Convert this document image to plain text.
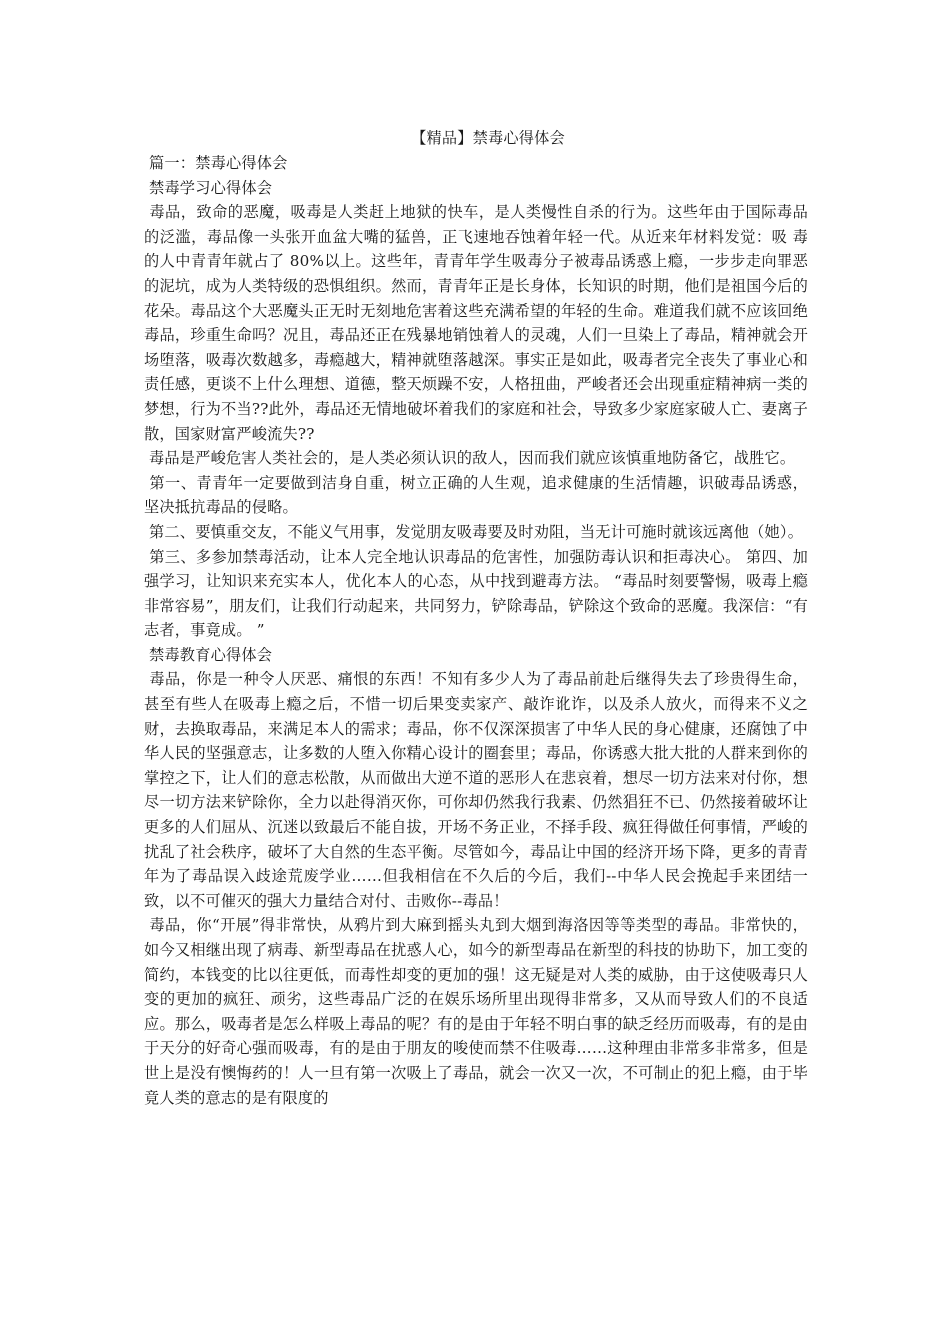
【精品】禁毒心得体会

篇一：禁毒心得体会

禁毒学习心得体会

毒品，致命的恶魔，吸毒是人类赶上地狱的快车，是人类慢性自杀的行为。这些年由于国际毒品的泛滥，毒品像一头张开血盆大嘴的猛兽，正飞速地吞蚀着年轻一代。从近来年材料发觉：吸 毒的人中青青年就占了 80%以上。这些年，青青年学生吸毒分子被毒品诱惑上瘾，一步步走向罪恶的泥坑，成为人类特级的恐惧组织。然而，青青年正是长身体，长知识的时期，他们是祖国今后的花朵。毒品这个大恶魔头正无时无刻地危害着这些充满希望的年轻的生命。难道我们就不应该回绝毒品，珍重生命吗？况且，毒品还正在残暴地销蚀着人的灵魂，人们一旦染上了毒品，精神就会开场堕落，吸毒次数越多，毒瘾越大，精神就堕落越深。事实正是如此，吸毒者完全丧失了事业心和责任感，更谈不上什么理想、道德，整天烦躁不安，人格扭曲，严峻者还会出现重症精神病一类的梦想，行为不当??此外，毒品还无情地破坏着我们的家庭和社会，导致多少家庭家破人亡、妻离子散，国家财富严峻流失??

毒品是严峻危害人类社会的，是人类必须认识的敌人，因而我们就应该慎重地防备它，战胜它。

第一、青青年一定要做到洁身自重，树立正确的人生观，追求健康的生活情趣，识破毒品诱惑，坚决抵抗毒品的侵略。

第二、要慎重交友，不能义气用事，发觉朋友吸毒要及时劝阻，当无计可施时就该远离他（她）。

第三、多参加禁毒活动，让本人完全地认识毒品的危害性，加强防毒认识和拒毒决心。 第四、加强学习，让知识来充实本人，优化本人的心态，从中找到避毒方法。 “毒品时刻要警惕，吸毒上瘾非常容易”，朋友们，让我们行动起来，共同努力，铲除毒品，铲除这个致命的恶魔。我深信：“有志者，事竟成。 ”

禁毒教育心得体会

毒品，你是一种令人厌恶、痛恨的东西！不知有多少人为了毒品前赴后继得失去了珍贵得生命，甚至有些人在吸毒上瘾之后，不惜一切后果变卖家产、敲诈讹诈，以及杀人放火，而得来不义之财，去换取毒品，来满足本人的需求；毒品，你不仅深深损害了中华人民的身心健康，还腐蚀了中华人民的坚强意志，让多数的人堕入你精心设计的圈套里；毒品，你诱惑大批大批的人群来到你的掌控之下，让人们的意志松散，从而做出大逆不道的恶形人在悲哀着，想尽一切方法来对付你，想尽一切方法来铲除你，全力以赴得消灭你，可你却仍然我行我素、仍然猖狂不已、仍然接着破坏让更多的人们屈从、沉迷以致最后不能自拔，开场不务正业，不择手段、疯狂得做任何事情，严峻的扰乱了社会秩序，破坏了大自然的生态平衡。尽管如今，毒品让中国的经济开场下降，更多的青青年为了毒品误入歧途荒废学业……但我相信在不久后的今后，我们--中华人民会挽起手来团结一致，以不可催灭的强大力量结合对付、击败你--毒品！

毒品，你“开展”得非常快，从鸦片到大麻到摇头丸到大烟到海洛因等等类型的毒品。非常快的，如今又相继出现了病毒、新型毒品在扰惑人心，如今的新型毒品在新型的科技的协助下，加工变的简约，本钱变的比以往更低，而毒性却变的更加的强！这无疑是对人类的威胁，由于这使吸毒只人变的更加的疯狂、顽劣，这些毒品广泛的在娱乐场所里出现得非常多，又从而导致人们的不良适应。那么，吸毒者是怎么样吸上毒品的呢？有的是由于年轻不明白事的缺乏经历而吸毒，有的是由于天分的好奇心强而吸毒，有的是由于朋友的唆使而禁不住吸毒……这种理由非常多非常多，但是世上是没有懊悔药的！人一旦有第一次吸上了毒品，就会一次又一次，不可制止的犯上瘾，由于毕竟人类的意志的是有限度的
